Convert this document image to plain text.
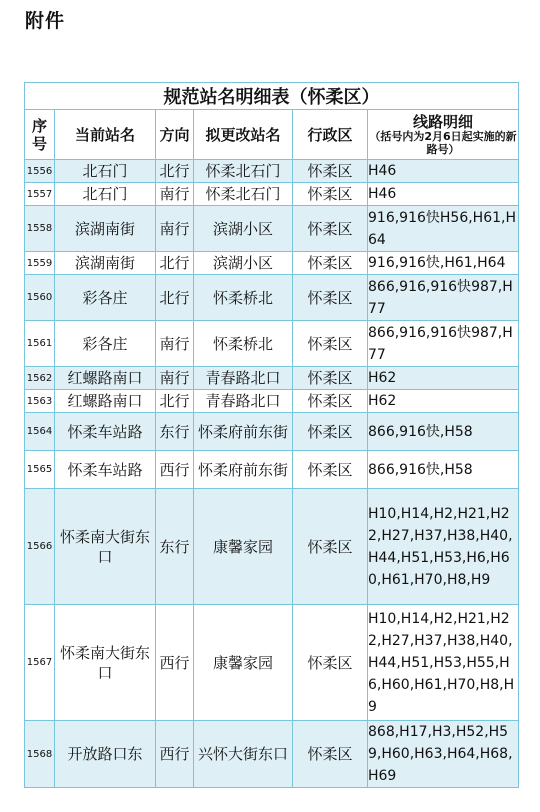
附件
规范站名明细表（怀柔区）					
序号	当前站名	方向	拟更改站名	行政区	线路明细
（括号内为2月6日起实施的新路号）

1556	北石门	北行	怀柔北石门	怀柔区	H46
1557	北石门	南行	怀柔北石门	怀柔区	H46
1558	滨湖南街	南行	滨湖小区	怀柔区	916,916快H56,H61,H64
1559	滨湖南街	北行	滨湖小区	怀柔区	916,916快,H61,H64
1560	彩各庄	北行	怀柔桥北	怀柔区	866,916,916快987,H77
1561	彩各庄	南行	怀柔桥北	怀柔区	866,916,916快987,H77
1562	红螺路南口	南行	青春路北口	怀柔区	H62
1563	红螺路南口	北行	青春路北口	怀柔区	H62
1564	怀柔车站路	东行	怀柔府前东街	怀柔区	866,916快,H58
1565	怀柔车站路	西行	怀柔府前东街	怀柔区	866,916快,H58
1566	怀柔南大街东口	东行	康馨家园	怀柔区	H10,H14,H2,H21,H22,H27,H37,H38,H40,H44,H51,H53,H6,H60,H61,H70,H8,H9
1567	怀柔南大街东口	西行	康馨家园	怀柔区	H10,H14,H2,H21,H22,H27,H37,H38,H40,H44,H51,H53,H55,H6,H60,H61,H70,H8,H9
1568	开放路口东	西行	兴怀大街东口	怀柔区	868,H17,H3,H52,H59,H60,H63,H64,H68,H69
